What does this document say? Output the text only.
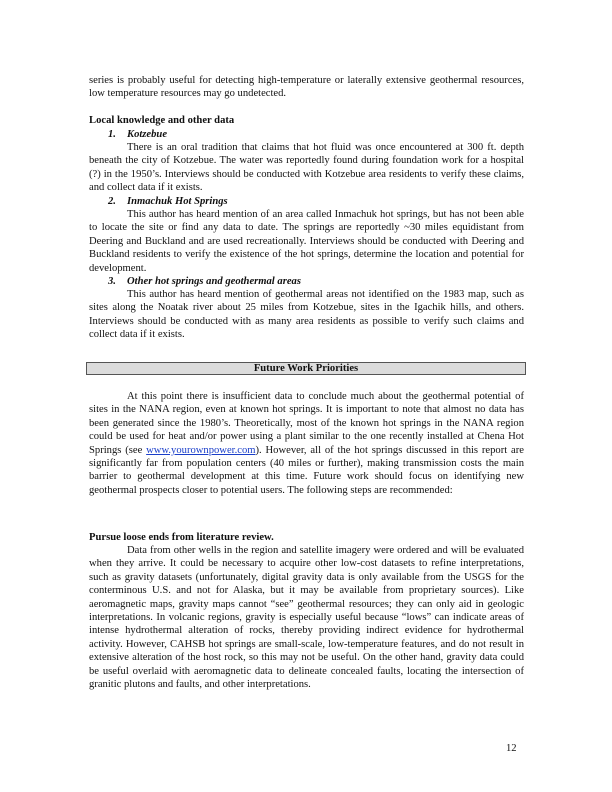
series is probably useful for detecting high-temperature or laterally extensive geothermal resources, low temperature resources may go undetected.
Local knowledge and other data
1. Kotzebue
There is an oral tradition that claims that hot fluid was once encountered at 300 ft. depth beneath the city of Kotzebue. The water was reportedly found during foundation work for a hospital (?) in the 1950’s. Interviews should be conducted with Kotzebue area residents to verify these claims, and collect data if it exists.
2. Inmachuk Hot Springs
This author has heard mention of an area called Inmachuk hot springs, but has not been able to locate the site or find any data to date. The springs are reportedly ~30 miles equidistant from Deering and Buckland and are used recreationally. Interviews should be conducted with Deering and Buckland residents to verify the existence of the hot springs, determine the location and potential for development.
3. Other hot springs and geothermal areas
This author has heard mention of geothermal areas not identified on the 1983 map, such as sites along the Noatak river about 25 miles from Kotzebue, sites in the Igachik hills, and others. Interviews should be conducted with as many area residents as possible to verify such claims and collect data if it exists.
Future Work Priorities
At this point there is insufficient data to conclude much about the geothermal potential of sites in the NANA region, even at known hot springs. It is important to note that almost no data has been generated since the 1980’s. Theoretically, most of the known hot springs in the NANA region could be used for heat and/or power using a plant similar to the one recently installed at Chena Hot Springs (see www.yourownpower.com). However, all of the hot springs discussed in this report are significantly far from population centers (40 miles or further), making transmission costs the main barrier to geothermal development at this time. Future work should focus on identifying new geothermal prospects closer to potential users. The following steps are recommended:
Pursue loose ends from literature review.
Data from other wells in the region and satellite imagery were ordered and will be evaluated when they arrive. It could be necessary to acquire other low-cost datasets to refine interpretations, such as gravity datasets (unfortunately, digital gravity data is only available from the USGS for the conterminous U.S. and not for Alaska, but it may be available from proprietary sources). Like aeromagnetic maps, gravity maps cannot “see” geothermal resources; they can only aid in geologic interpretations. In volcanic regions, gravity is especially useful because “lows” can indicate areas of intense hydrothermal alteration of rocks, thereby providing indirect evidence for hydrothermal activity. However, CAHSB hot springs are small-scale, low-temperature features, and do not result in extensive alteration of the host rock, so this may not be useful. On the other hand, gravity data could be useful overlaid with aeromagnetic data to delineate concealed faults, locating the intersection of granitic plutons and faults, and other interpretations.
12
